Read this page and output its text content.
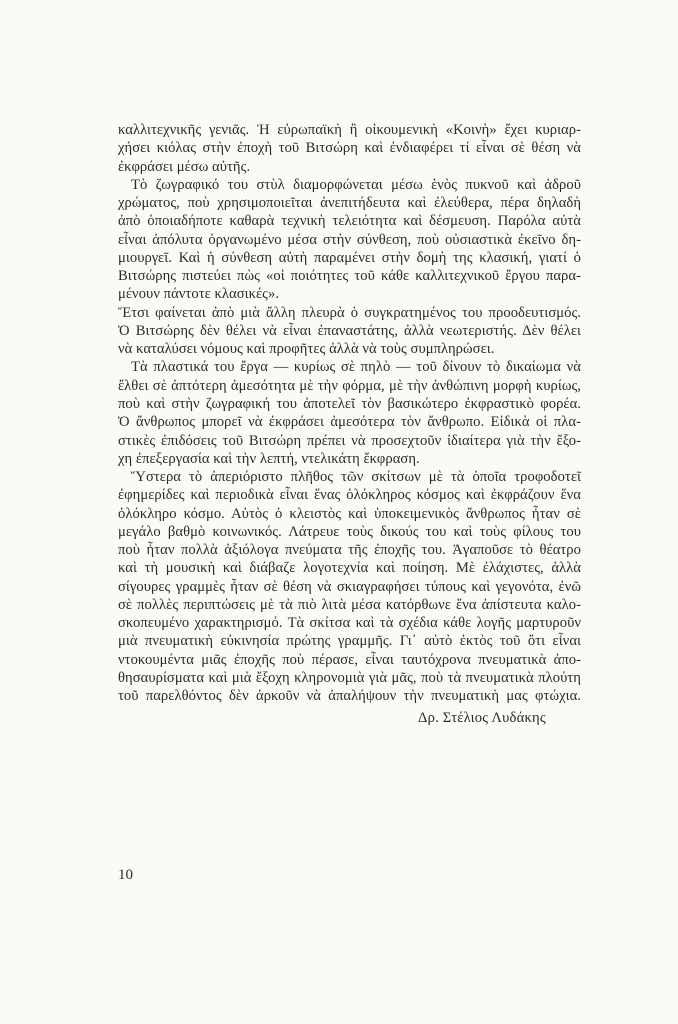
καλλιτεχνικῆς γενιᾶς. Ἡ εὐρωπαϊκὴ ἢ οἰκουμενικὴ «Κοινὴ» ἔχει κυριαρ-
χήσει κιόλας στὴν ἐποχὴ τοῦ Βιτσώρη καὶ ἐνδιαφέρει τί εἶναι σὲ θέση νὰ
ἐκφράσει μέσω αὐτῆς.
Τὸ ζωγραφικό του στὺλ διαμορφώνεται μέσω ἑνὸς πυκνοῦ καὶ ἀδροῦ
χρώματος, ποὺ χρησιμοποιεῖται ἀνεπιτήδευτα καὶ ἐλεύθερα, πέρα δηλαδὴ
ἀπὸ ὁποιαδήποτε καθαρὰ τεχνικὴ τελειότητα καὶ δέσμευση. Παρόλα αὐτὰ
εἶναι ἀπόλυτα ὀργανωμένο μέσα στὴν σύνθεση, ποὺ οὐσιαστικὰ ἐκεῖνο δη-
μιουργεῖ. Καὶ ἡ σύνθεση αὐτὴ παραμένει στὴν δομὴ της κλασική, γιατί ὁ
Βιτσώρης πιστεύει πὼς «οἱ ποιότητες τοῦ κάθε καλλιτεχνικοῦ ἔργου παρα-
μένουν πάντοτε κλασικές».
Ἔτσι φαίνεται ἀπὸ μιὰ ἄλλη πλευρὰ ὁ συγκρατημένος του προοδευτισμός.
Ὁ Βιτσώρης δὲν θέλει νὰ εἶναι ἐπαναστάτης, ἀλλὰ νεωτεριστής. Δὲν θέλει
νὰ καταλύσει νόμους καὶ προφῆτες ἀλλὰ νὰ τοὺς συμπληρώσει.
Τὰ πλαστικά του ἔργα — κυρίως σὲ πηλὸ — τοῦ δίνουν τὸ δικαίωμα νὰ
ἔλθει σὲ ἀπτότερη ἀμεσότητα μὲ τὴν φόρμα, μὲ τὴν ἀνθώπινη μορφὴ κυρίως,
ποὺ καὶ στὴν ζωγραφική του ἀποτελεῖ τὸν βασικώτερο ἐκφραστικὸ φορέα.
Ὁ ἄνθρωπος μπορεῖ νὰ ἐκφράσει ἀμεσότερα τὸν ἄνθρωπο. Εἰδικὰ οἱ πλα-
στικὲς ἐπιδόσεις τοῦ Βιτσώρη πρέπει νὰ προσεχτοῦν ἰδιαίτερα γιὰ τὴν ἔξο-
χη ἐπεξεργασία καὶ τὴν λεπτή, ντελικάτη ἔκφραση.
Ὕστερα τὸ ἀπεριόριστο πλῆθος τῶν σκίτσων μὲ τὰ ὁποῖα τροφοδοτεῖ
ἐφημερίδες καὶ περιοδικὰ εἶναι ἕνας ὁλόκληρος κόσμος καὶ ἐκφράζουν ἕνα
ὁλόκληρο κόσμο. Αὐτὸς ὁ κλειστὸς καὶ ὑποκειμενικὸς ἄνθρωπος ἦταν σὲ
μεγάλο βαθμὸ κοινωνικός. Λάτρευε τοὺς δικούς του καὶ τοὺς φίλους του
ποὺ ἦταν πολλὰ ἀξιόλογα πνεύματα τῆς ἐποχῆς του. Ἀγαποῦσε τὸ θέατρο
καὶ τὴ μουσικὴ καὶ διάβαζε λογοτεχνία καὶ ποίηση. Μὲ ἐλάχιστες, ἀλλὰ
σίγουρες γραμμὲς ἦταν σὲ θέση νὰ σκιαγραφήσει τύπους καὶ γεγονότα, ἐνῶ
σὲ πολλὲς περιπτώσεις μὲ τὰ πιὸ λιτὰ μέσα κατόρθωνε ἕνα ἀπίστευτα καλο-
σκοπευμένο χαρακτηρισμό. Τὰ σκίτσα καὶ τὰ σχέδια κάθε λογῆς μαρτυροῦν
μιὰ πνευματικὴ εὐκινησία πρώτης γραμμῆς. Γι᾽ αὐτὸ ἐκτὸς τοῦ ὅτι εἶναι
ντοκουμέντα μιᾶς ἐποχῆς ποὺ πέρασε, εἶναι ταυτόχρονα πνευματικὰ ἀπο-
θησαυρίσματα καὶ μιὰ ἔξοχη κληρονομιὰ γιὰ μᾶς, ποὺ τὰ πνευματικὰ πλούτη
τοῦ παρελθόντος δὲν ἀρκοῦν νὰ ἀπαλήψουν τὴν πνευματικὴ μας φτώχια.
Δρ. Στέλιος Λυδάκης
10
